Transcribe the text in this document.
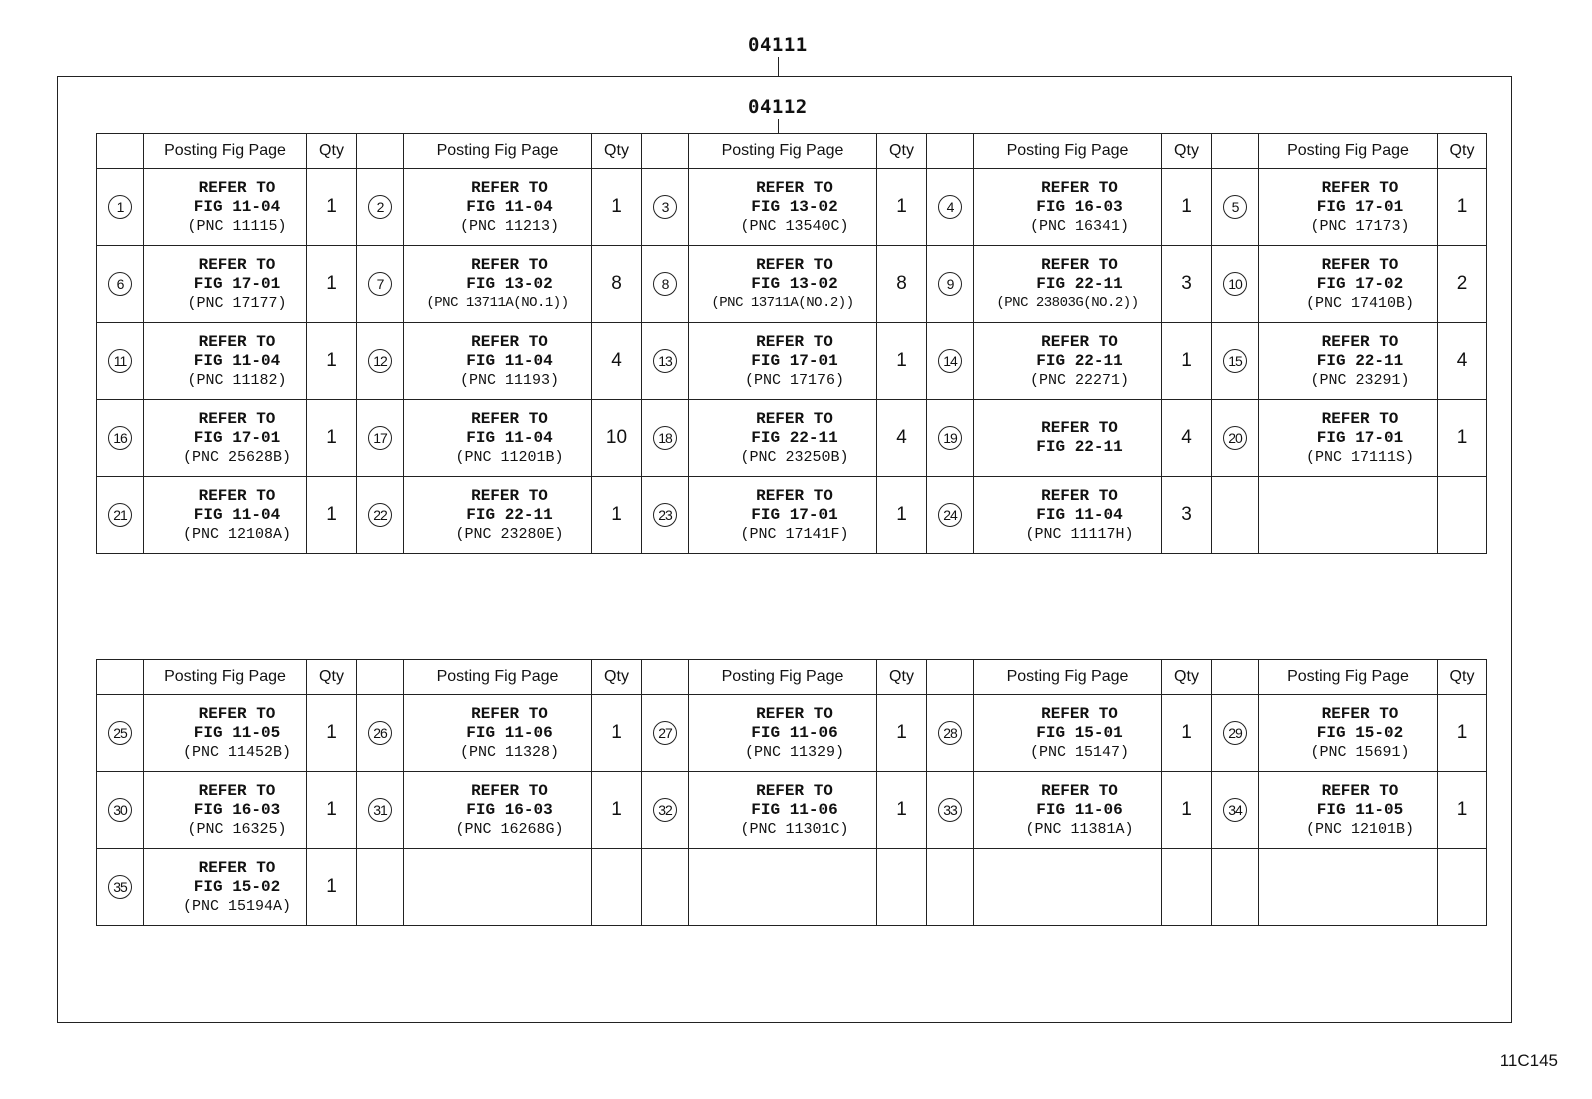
04111
04112
	Posting Fig Page	Qty		Posting Fig Page	Qty		Posting Fig Page	Qty		Posting Fig Page	Qty		Posting Fig Page	Qty
1	REFER TO
FIG 11-04
(PNC 11115)	1	2	REFER TO
FIG 11-04
(PNC 11213)	1	3	REFER TO
FIG 13-02
(PNC 13540C)	1	4	REFER TO
FIG 16-03
(PNC 16341)	1	5	REFER TO
FIG 17-01
(PNC 17173)	1
6	REFER TO
FIG 17-01
(PNC 17177)	1	7	REFER TO
FIG 13-02
(PNC 13711A(NO.1))	8	8	REFER TO
FIG 13-02
(PNC 13711A(NO.2))	8	9	REFER TO
FIG 22-11
(PNC 23803G(NO.2))	3	10	REFER TO
FIG 17-02
(PNC 17410B)	2
11	REFER TO
FIG 11-04
(PNC 11182)	1	12	REFER TO
FIG 11-04
(PNC 11193)	4	13	REFER TO
FIG 17-01
(PNC 17176)	1	14	REFER TO
FIG 22-11
(PNC 22271)	1	15	REFER TO
FIG 22-11
(PNC 23291)	4
16	REFER TO
FIG 17-01
(PNC 25628B)	1	17	REFER TO
FIG 11-04
(PNC 11201B)	10	18	REFER TO
FIG 22-11
(PNC 23250B)	4	19	REFER TO
FIG 22-11	4	20	REFER TO
FIG 17-01
(PNC 17111S)	1
21	REFER TO
FIG 11-04
(PNC 12108A)	1	22	REFER TO
FIG 22-11
(PNC 23280E)	1	23	REFER TO
FIG 17-01
(PNC 17141F)	1	24	REFER TO
FIG 11-04
(PNC 11117H)	3			
	Posting Fig Page	Qty		Posting Fig Page	Qty		Posting Fig Page	Qty		Posting Fig Page	Qty		Posting Fig Page	Qty
25	REFER TO
FIG 11-05
(PNC 11452B)	1	26	REFER TO
FIG 11-06
(PNC 11328)	1	27	REFER TO
FIG 11-06
(PNC 11329)	1	28	REFER TO
FIG 15-01
(PNC 15147)	1	29	REFER TO
FIG 15-02
(PNC 15691)	1
30	REFER TO
FIG 16-03
(PNC 16325)	1	31	REFER TO
FIG 16-03
(PNC 16268G)	1	32	REFER TO
FIG 11-06
(PNC 11301C)	1	33	REFER TO
FIG 11-06
(PNC 11381A)	1	34	REFER TO
FIG 11-05
(PNC 12101B)	1
35	REFER TO
FIG 15-02
(PNC 15194A)	1												
11C145
